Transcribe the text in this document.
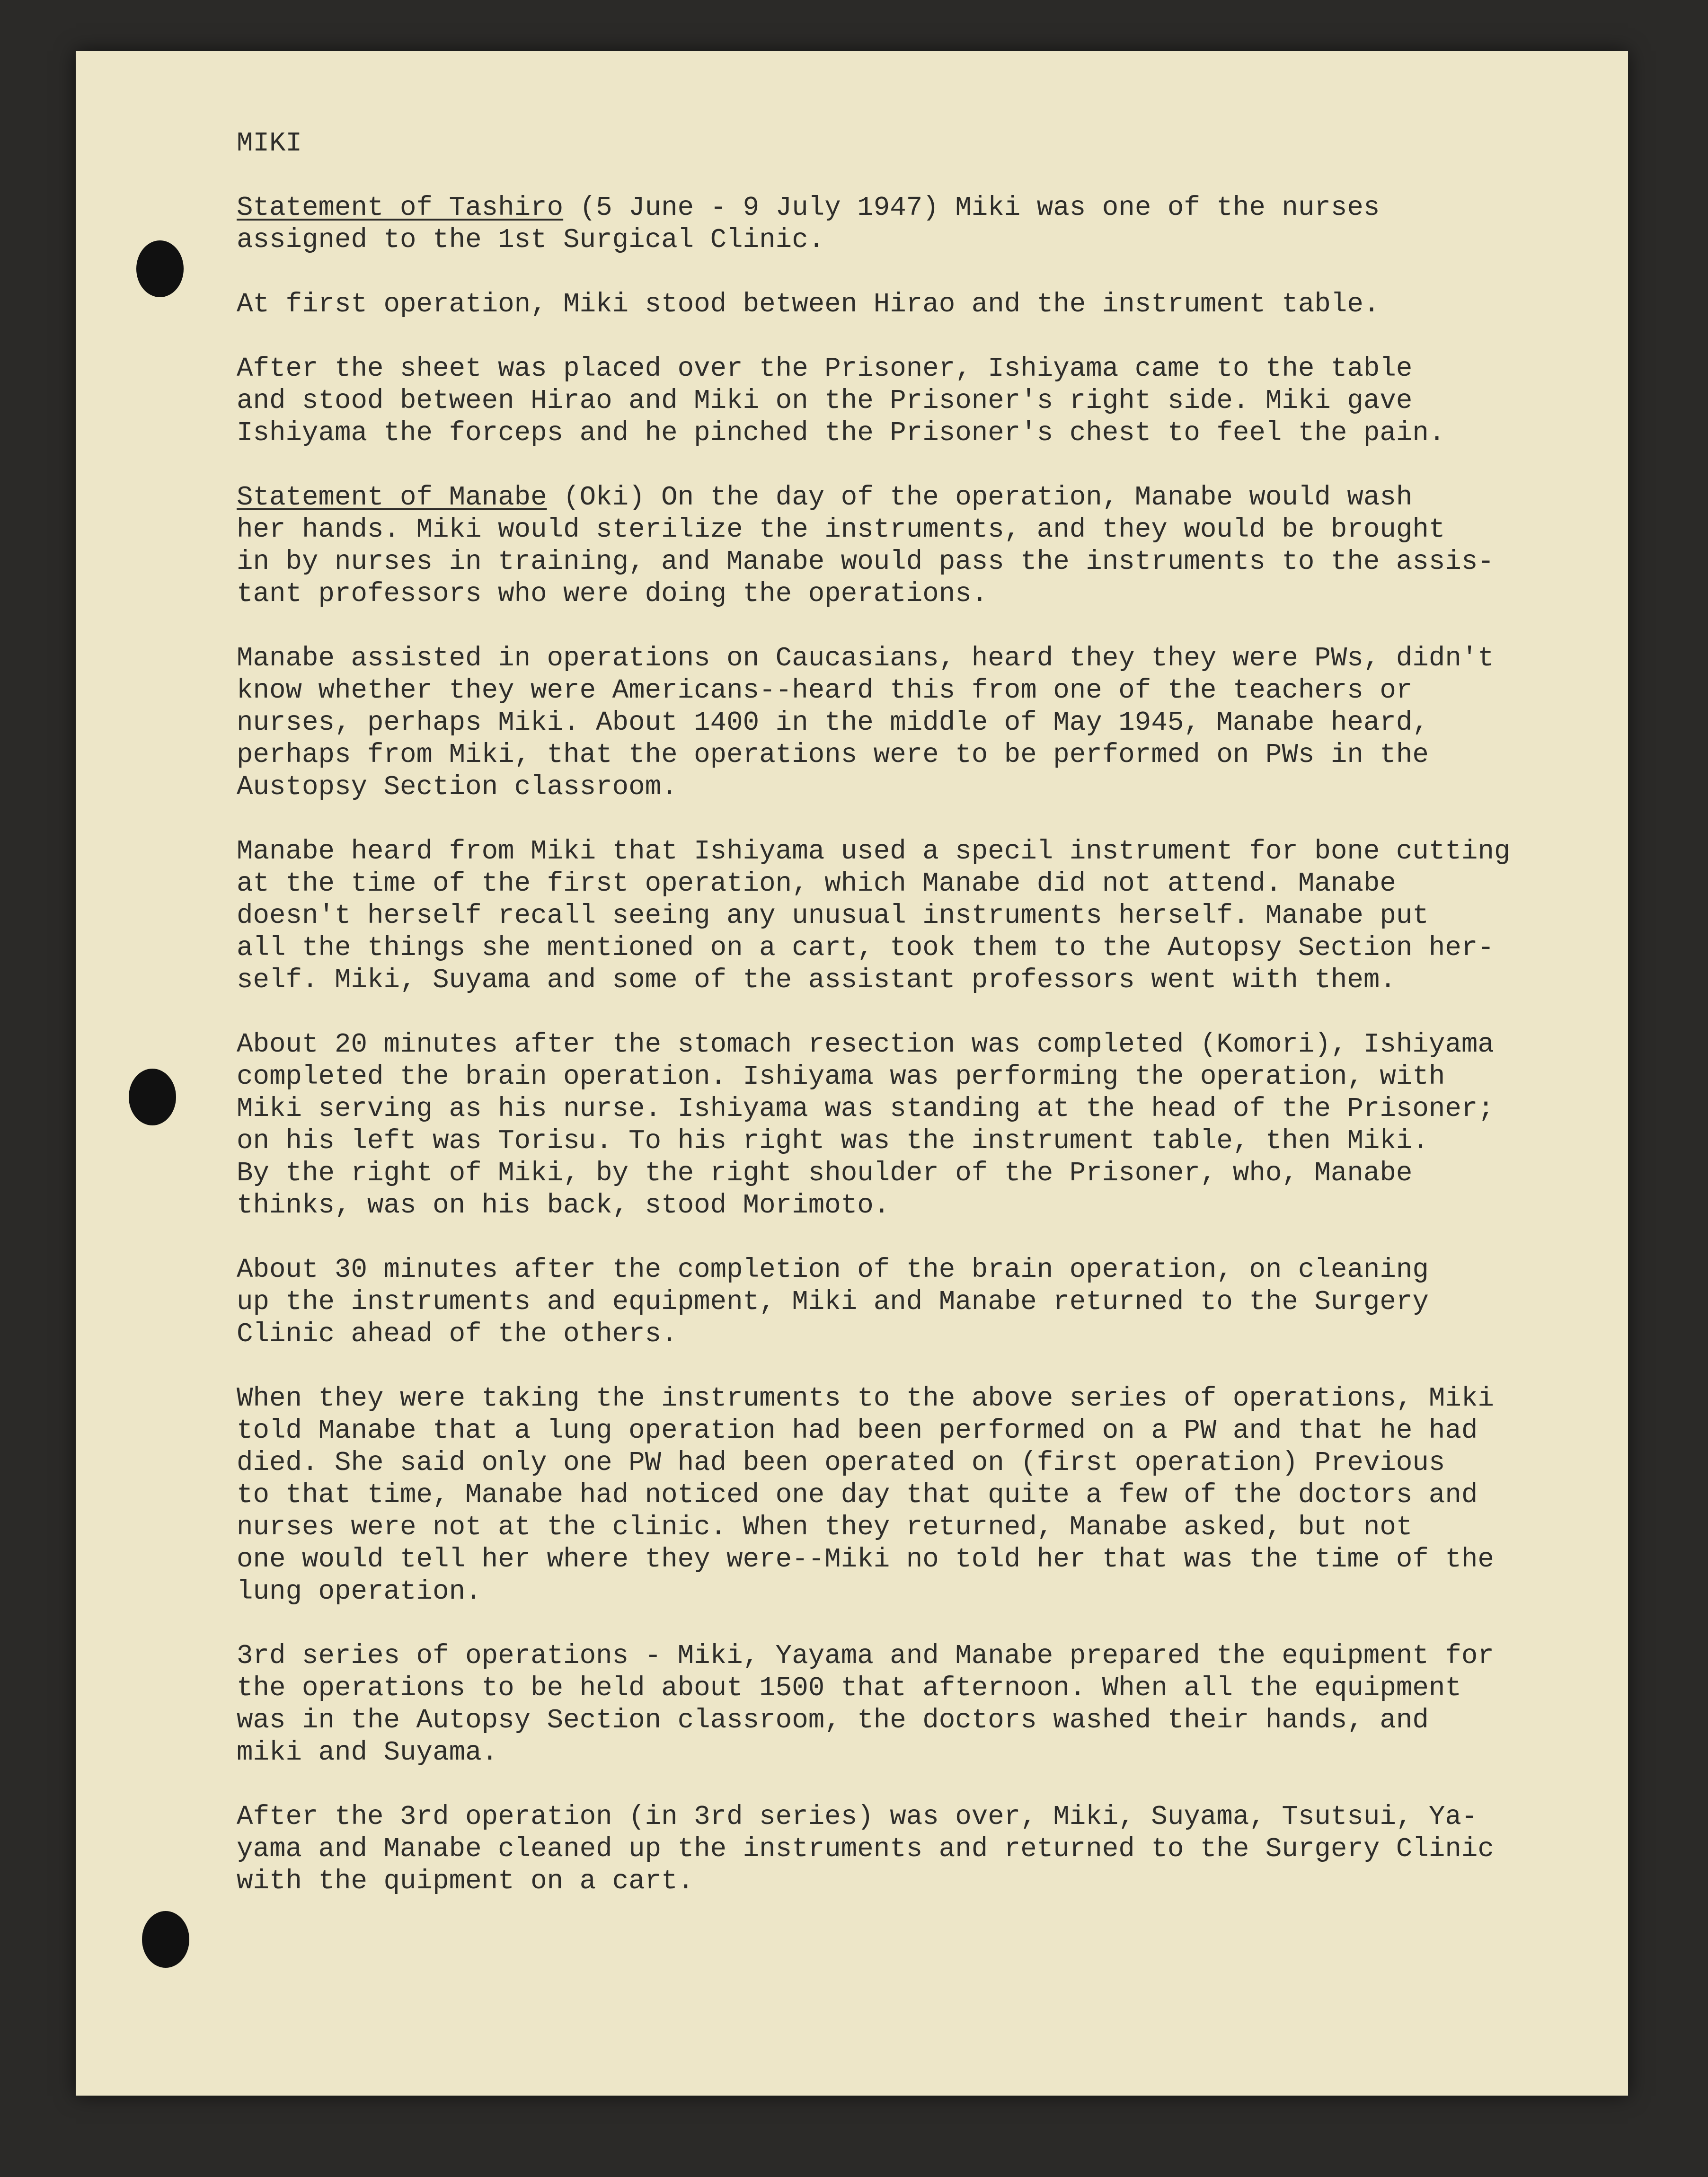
MIKI
Statement of Tashiro (5 June - 9 July 1947) Miki was one of the nurses
assigned to the 1st Surgical Clinic.
At first operation, Miki stood between Hirao and the instrument table.
After the sheet was placed over the Prisoner, Ishiyama came to the table
and stood between Hirao and Miki on the Prisoner's right side. Miki gave
Ishiyama the forceps and he pinched the Prisoner's chest to feel the pain.
Statement of Manabe (Oki) On the day of the operation, Manabe would wash
her hands. Miki would sterilize the instruments, and they would be brought
in by nurses in training, and Manabe would pass the instruments to the assis-
tant professors who were doing the operations.
Manabe assisted in operations on Caucasians, heard they they were PWs, didn't
know whether they were Americans--heard this from one of the teachers or
nurses, perhaps Miki. About 1400 in the middle of May 1945, Manabe heard,
perhaps from Miki, that the operations were to be performed on PWs in the
Austopsy Section classroom.
Manabe heard from Miki that Ishiyama used a specil instrument for bone cutting
at the time of the first operation, which Manabe did not attend. Manabe
doesn't herself recall seeing any unusual instruments herself. Manabe put
all the things she mentioned on a cart, took them to the Autopsy Section her-
self. Miki, Suyama and some of the assistant professors went with them.
About 20 minutes after the stomach resection was completed (Komori), Ishiyama
completed the brain operation. Ishiyama was performing the operation, with
Miki serving as his nurse. Ishiyama was standing at the head of the Prisoner;
on his left was Torisu. To his right was the instrument table, then Miki.
By the right of Miki, by the right shoulder of the Prisoner, who, Manabe
thinks, was on his back, stood Morimoto.
About 30 minutes after the completion of the brain operation, on cleaning
up the instruments and equipment, Miki and Manabe returned to the Surgery
Clinic ahead of the others.
When they were taking the instruments to the above series of operations, Miki
told Manabe that a lung operation had been performed on a PW and that he had
died. She said only one PW had been operated on (first operation) Previous
to that time, Manabe had noticed one day that quite a few of the doctors and
nurses were not at the clinic. When they returned, Manabe asked, but not
one would tell her where they were--Miki no told her that was the time of the
lung operation.
3rd series of operations - Miki, Yayama and Manabe prepared the equipment for
the operations to be held about 1500 that afternoon. When all the equipment
was in the Autopsy Section classroom, the doctors washed their hands, and
miki and Suyama.
After the 3rd operation (in 3rd series) was over, Miki, Suyama, Tsutsui, Ya-
yama and Manabe cleaned up the instruments and returned to the Surgery Clinic
with the quipment on a cart.
